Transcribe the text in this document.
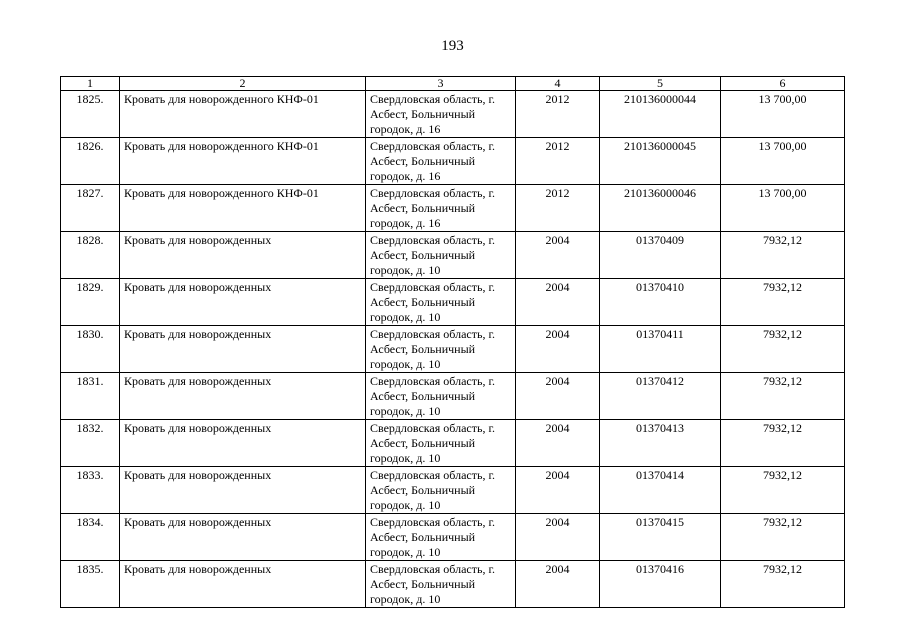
193
1	2	3	4	5	6
1825.	Кровать для новорожденного КНФ-01	Свердловская область, г. Асбест, Больничный городок, д. 16	2012	210136000044	13 700,00
1826.	Кровать для новорожденного КНФ-01	Свердловская область, г. Асбест, Больничный городок, д. 16	2012	210136000045	13 700,00
1827.	Кровать для новорожденного КНФ-01	Свердловская область, г. Асбест, Больничный городок, д. 16	2012	210136000046	13 700,00
1828.	Кровать для новорожденных	Свердловская область, г. Асбест, Больничный городок, д. 10	2004	01370409	7932,12
1829.	Кровать для новорожденных	Свердловская область, г. Асбест, Больничный городок, д. 10	2004	01370410	7932,12
1830.	Кровать для новорожденных	Свердловская область, г. Асбест, Больничный городок, д. 10	2004	01370411	7932,12
1831.	Кровать для новорожденных	Свердловская область, г. Асбест, Больничный городок, д. 10	2004	01370412	7932,12
1832.	Кровать для новорожденных	Свердловская область, г. Асбест, Больничный городок, д. 10	2004	01370413	7932,12
1833.	Кровать для новорожденных	Свердловская область, г. Асбест, Больничный городок, д. 10	2004	01370414	7932,12
1834.	Кровать для новорожденных	Свердловская область, г. Асбест, Больничный городок, д. 10	2004	01370415	7932,12
1835.	Кровать для новорожденных	Свердловская область, г. Асбест, Больничный городок, д. 10	2004	01370416	7932,12
